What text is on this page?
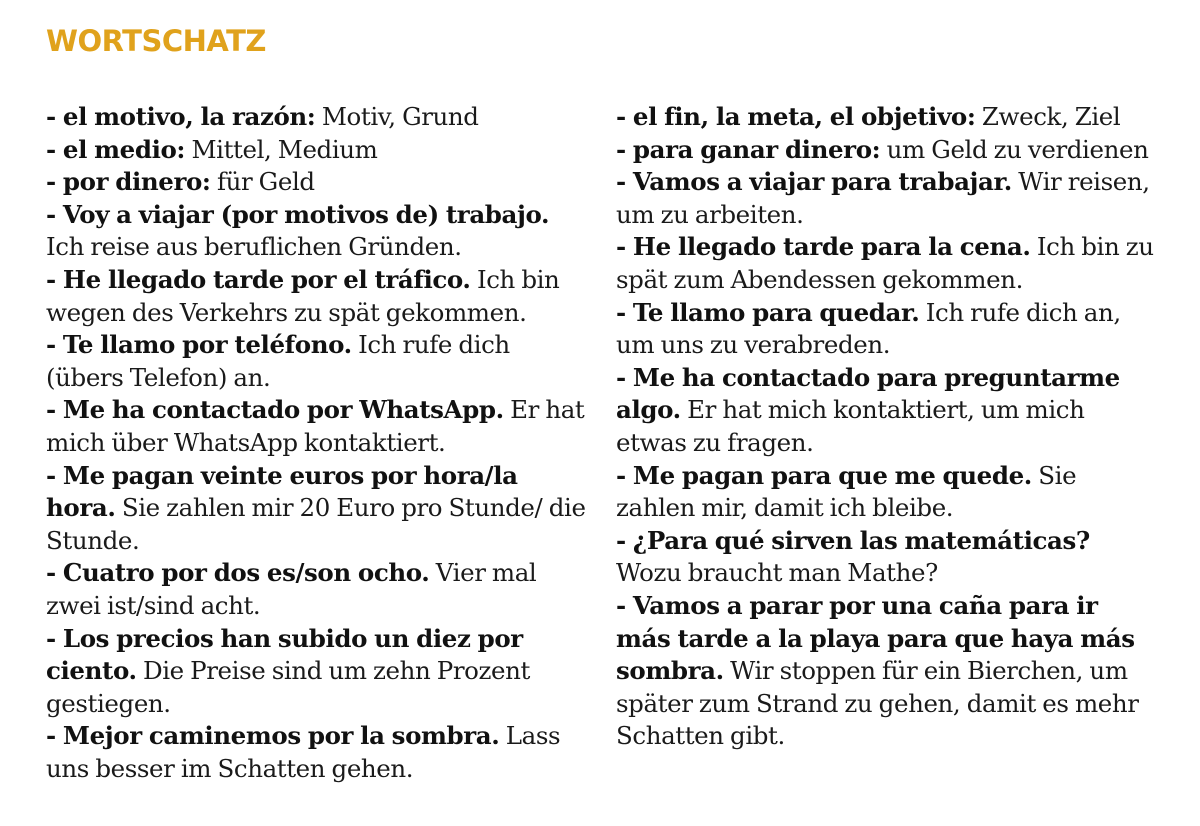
WORTSCHATZ

- el motivo, la razón: Motiv, Grund

- el medio: Mittel, Medium

- por dinero: für Geld

- Voy a viajar (por motivos de) trabajo. Ich reise aus beruflichen Gründen.

- He llegado tarde por el tráfico. Ich bin wegen des Verkehrs zu spät gekommen.

- Te llamo por teléfono. Ich rufe dich (übers Telefon) an.

- Me ha contactado por WhatsApp. Er hat mich über WhatsApp kontaktiert.

- Me pagan veinte euros por hora/la hora. Sie zahlen mir 20 Euro pro Stunde/ die Stunde.

- Cuatro por dos es/son ocho. Vier mal zwei ist/sind acht.

- Los precios han subido un diez por ciento. Die Preise sind um zehn Prozent gestiegen.

- Mejor caminemos por la sombra. Lass uns besser im Schatten gehen.

- el fin, la meta, el objetivo: Zweck, Ziel

- para ganar dinero: um Geld zu verdienen

- Vamos a viajar para trabajar. Wir reisen, um zu arbeiten.

- He llegado tarde para la cena. Ich bin zu spät zum Abendessen gekommen.

- Te llamo para quedar. Ich rufe dich an, um uns zu verabreden.

- Me ha contactado para preguntarme algo. Er hat mich kontaktiert, um mich etwas zu fragen.

- Me pagan para que me quede. Sie zahlen mir, damit ich bleibe.

- ¿Para qué sirven las matemáticas? Wozu braucht man Mathe?

- Vamos a parar por una caña para ir más tarde a la playa para que haya más sombra. Wir stoppen für ein Bierchen, um später zum Strand zu gehen, damit es mehr Schatten gibt.
